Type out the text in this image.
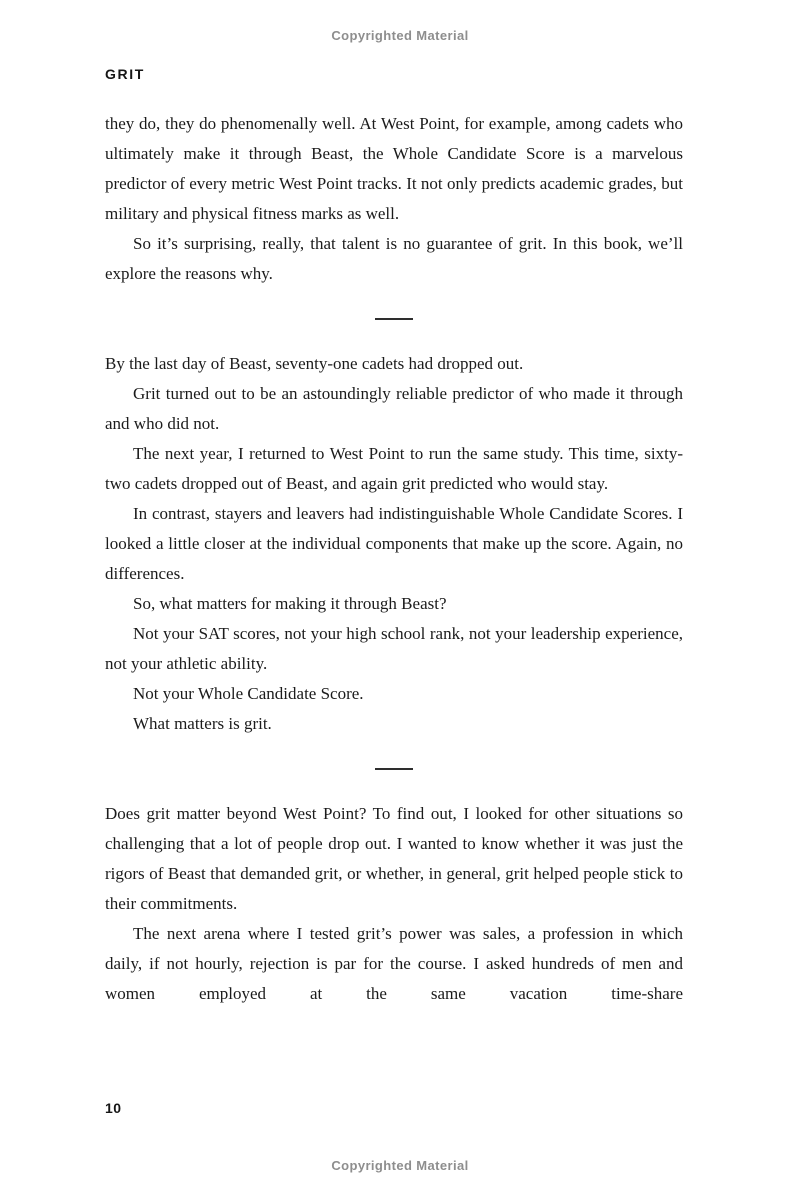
Copyrighted Material
GRIT

they do, they do phenomenally well. At West Point, for example, among cadets who ultimately make it through Beast, the Whole Candidate Score is a marvelous predictor of every metric West Point tracks. It not only predicts academic grades, but military and physical fitness marks as well.

So it’s surprising, really, that talent is no guarantee of grit. In this book, we’ll explore the reasons why.

By the last day of Beast, seventy-one cadets had dropped out.

Grit turned out to be an astoundingly reliable predictor of who made it through and who did not.

The next year, I returned to West Point to run the same study. This time, sixty-two cadets dropped out of Beast, and again grit predicted who would stay.

In contrast, stayers and leavers had indistinguishable Whole Candidate Scores. I looked a little closer at the individual components that make up the score. Again, no differences.

So, what matters for making it through Beast?

Not your SAT scores, not your high school rank, not your leadership experience, not your athletic ability.

Not your Whole Candidate Score.

What matters is grit.

Does grit matter beyond West Point? To find out, I looked for other situations so challenging that a lot of people drop out. I wanted to know whether it was just the rigors of Beast that demanded grit, or whether, in general, grit helped people stick to their commitments.

The next arena where I tested grit’s power was sales, a profession in which daily, if not hourly, rejection is par for the course. I asked hundreds of men and women employed at the same vacation time-share

10
Copyrighted Material
